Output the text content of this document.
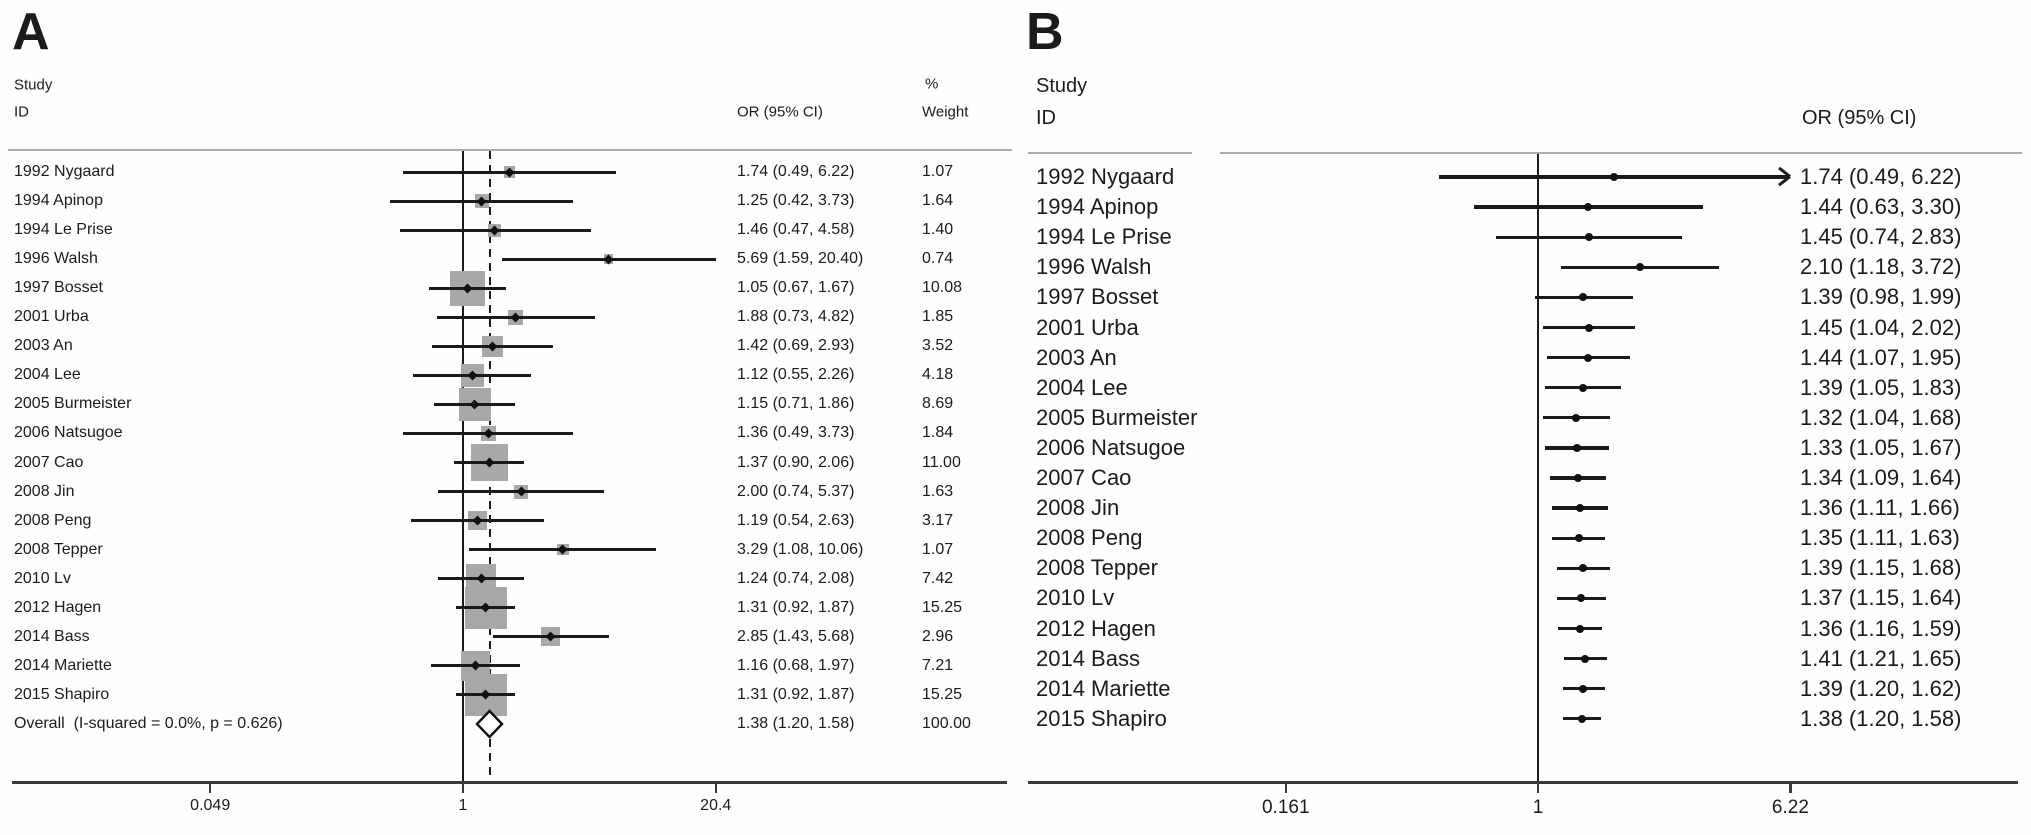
A
Study
ID	OR (95% CI)
%
Weight
0.049	1	20.4
1992 Nygaard	1.74 (0.49, 6.22)	1.07
1994 Apinop	1.25 (0.42, 3.73)	1.64
1994 Le Prise	1.46 (0.47, 4.58)	1.40
1996 Walsh	5.69 (1.59, 20.40)	0.74
1997 Bosset	1.05 (0.67, 1.67)	10.08
2001 Urba	1.88 (0.73, 4.82)	1.85
2003 An	1.42 (0.69, 2.93)	3.52
2004 Lee	1.12 (0.55, 2.26)	4.18
2005 Burmeister	1.15 (0.71, 1.86)	8.69
2006 Natsugoe	1.36 (0.49, 3.73)	1.84
2007 Cao	1.37 (0.90, 2.06)	11.00
2008 Jin	2.00 (0.74, 5.37)	1.63
2008 Peng	1.19 (0.54, 2.63)	3.17
2008 Tepper	3.29 (1.08, 10.06)	1.07
2010 Lv	1.24 (0.74, 2.08)	7.42
2012 Hagen	1.31 (0.92, 1.87)	15.25
2014 Bass	2.85 (1.43, 5.68)	2.96
2014 Mariette	1.16 (0.68, 1.97)	7.21
2015 Shapiro	1.31 (0.92, 1.87)	15.25
Overall  (I-squared = 0.0%, p = 0.626)	1.38 (1.20, 1.58)	100.00
B
Study
ID	OR (95% CI)
0.161	1	6.22
1992 Nygaard	1.74 (0.49, 6.22)
1994 Apinop	1.44 (0.63, 3.30)
1994 Le Prise	1.45 (0.74, 2.83)
1996 Walsh	2.10 (1.18, 3.72)
1997 Bosset	1.39 (0.98, 1.99)
2001 Urba	1.45 (1.04, 2.02)
2003 An	1.44 (1.07, 1.95)
2004 Lee	1.39 (1.05, 1.83)
2005 Burmeister	1.32 (1.04, 1.68)
2006 Natsugoe	1.33 (1.05, 1.67)
2007 Cao	1.34 (1.09, 1.64)
2008 Jin	1.36 (1.11, 1.66)
2008 Peng	1.35 (1.11, 1.63)
2008 Tepper	1.39 (1.15, 1.68)
2010 Lv	1.37 (1.15, 1.64)
2012 Hagen	1.36 (1.16, 1.59)
2014 Bass	1.41 (1.21, 1.65)
2014 Mariette	1.39 (1.20, 1.62)
2015 Shapiro	1.38 (1.20, 1.58)
